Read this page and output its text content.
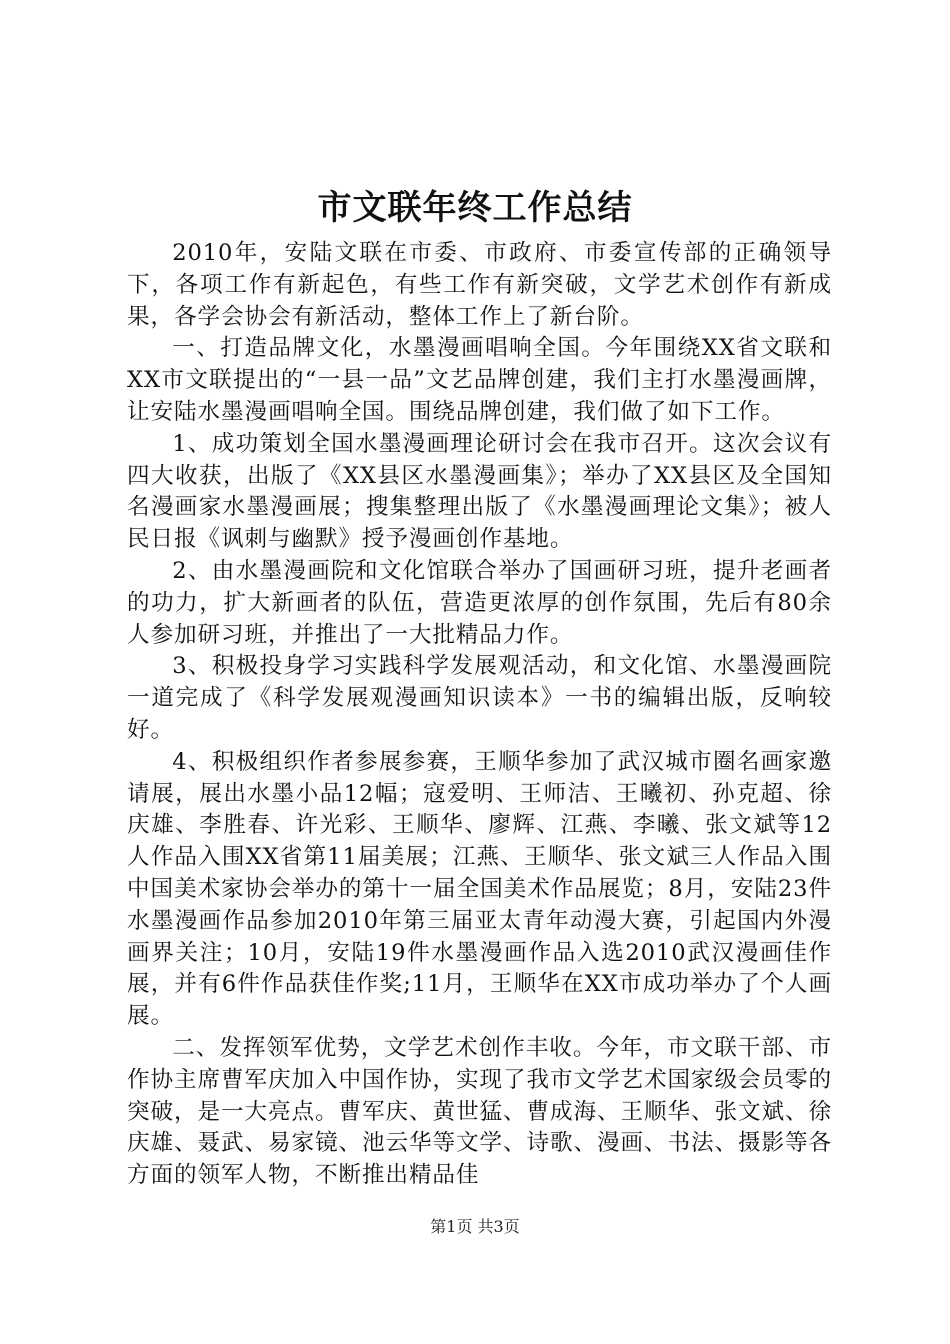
市文联年终工作总结

2010年，安陆文联在市委、市政府、市委宣传部的正确领导下，各项工作有新起色，有些工作有新突破，文学艺术创作有新成果，各学会协会有新活动，整体工作上了新台阶。

一、打造品牌文化，水墨漫画唱响全国。今年围绕XX省文联和XX市文联提出的“一县一品”文艺品牌创建，我们主打水墨漫画牌，让安陆水墨漫画唱响全国。围绕品牌创建，我们做了如下工作。

1、成功策划全国水墨漫画理论研讨会在我市召开。这次会议有四大收获，出版了《XX县区水墨漫画集》；举办了XX县区及全国知名漫画家水墨漫画展；搜集整理出版了《水墨漫画理论文集》；被人民日报《讽刺与幽默》授予漫画创作基地。

2、由水墨漫画院和文化馆联合举办了国画研习班，提升老画者的功力，扩大新画者的队伍，营造更浓厚的创作氛围，先后有80余人参加研习班，并推出了一大批精品力作。

3、积极投身学习实践科学发展观活动，和文化馆、水墨漫画院一道完成了《科学发展观漫画知识读本》一书的编辑出版，反响较好。

4、积极组织作者参展参赛，王顺华参加了武汉城市圈名画家邀请展，展出水墨小品12幅；寇爱明、王师洁、王曦初、孙克超、徐庆雄、李胜春、许光彩、王顺华、廖辉、江燕、李曦、张文斌等12人作品入围XX省第11届美展；江燕、王顺华、张文斌三人作品入围中国美术家协会举办的第十一届全国美术作品展览；8月，安陆23件水墨漫画作品参加2010年第三届亚太青年动漫大赛，引起国内外漫画界关注；10月，安陆19件水墨漫画作品入选2010武汉漫画佳作展，并有6件作品获佳作奖;11月，王顺华在XX市成功举办了个人画展。

二、发挥领军优势，文学艺术创作丰收。今年，市文联干部、市作协主席曹军庆加入中国作协，实现了我市文学艺术国家级会员零的突破，是一大亮点。曹军庆、黄世猛、曹成海、王顺华、张文斌、徐庆雄、聂武、易家镜、池云华等文学、诗歌、漫画、书法、摄影等各方面的领军人物，不断推出精品佳

第1页 共3页
